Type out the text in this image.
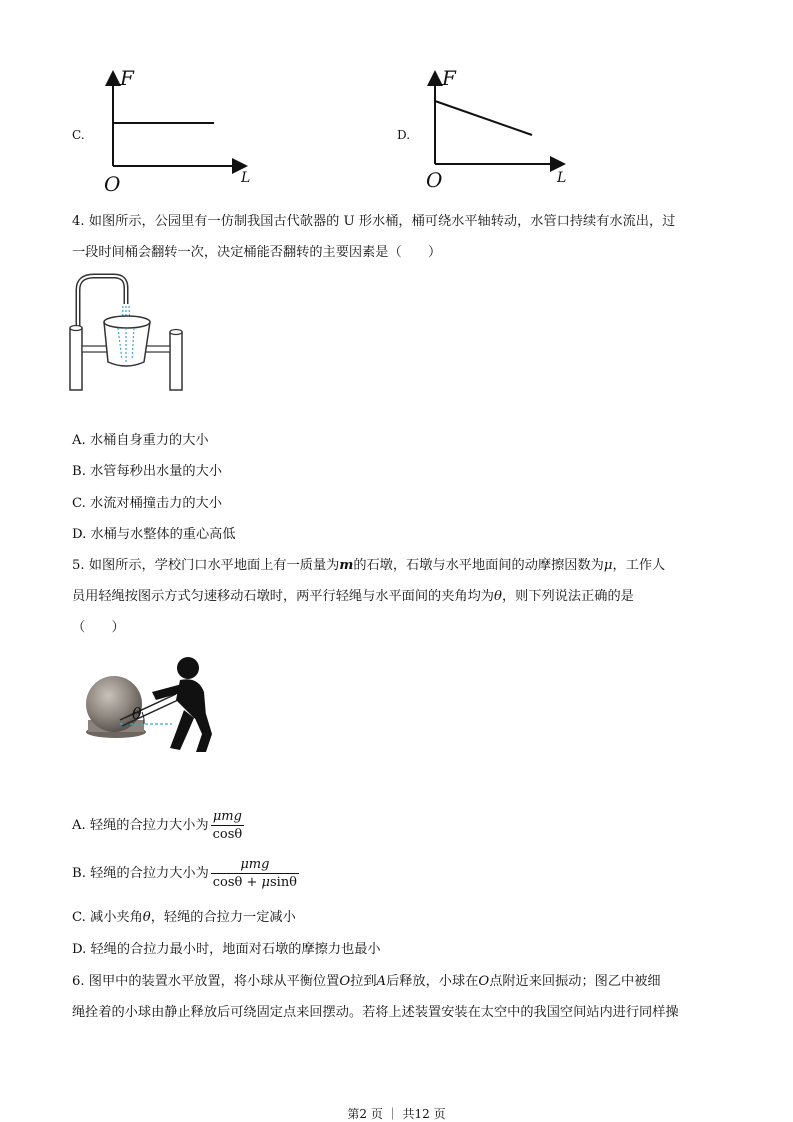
C.
F
O	L
D.
F
O	L
4. 如图所示，公园里有一仿制我国古代欹器的 U 形水桶，桶可绕水平轴转动，水管口持续有水流出，过
一段时间桶会翻转一次，决定桶能否翻转的主要因素是（　　）
A. 水桶自身重力的大小
B. 水管每秒出水量的大小
C. 水流对桶撞击力的大小
D. 水桶与水整体的重心高低
5. 如图所示，学校门口水平地面上有一质量为m的石墩，石墩与水平地面间的动摩擦因数为μ，工作人
员用轻绳按图示方式匀速移动石墩时，两平行轻绳与水平面间的夹角均为θ，则下列说法正确的是
（　　）
θ
A. 轻绳的合拉力大小为 $\frac{\text{μmg}}{\cos\theta}$
B. 轻绳的合拉力大小为 $\frac{\text{μmg}}{\cos\theta + \mu\sin\theta}$
C. 减小夹角θ，轻绳的合拉力一定减小
D. 轻绳的合拉力最小时，地面对石墩的摩擦力也最小
6. 图甲中的装置水平放置，将小球从平衡位置O拉到A后释放，小球在O点附近来回振动；图乙中被细
绳拴着的小球由静止释放后可绕固定点来回摆动。若将上述装置安装在太空中的我国空间站内进行同样操
第2 页 ｜ 共12 页
